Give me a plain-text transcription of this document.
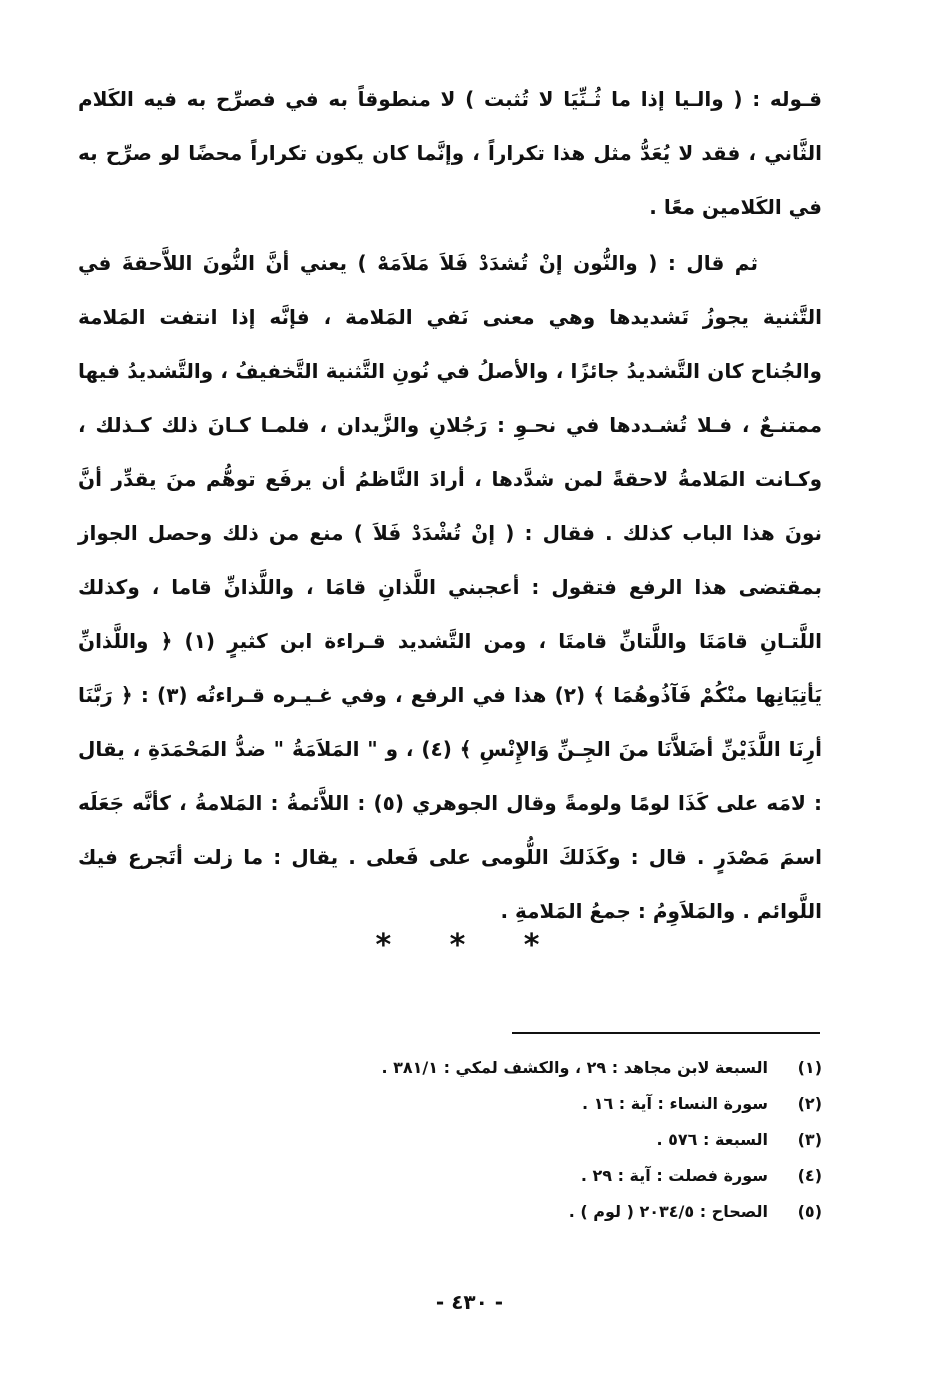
قـوله : ( والـيا إذا ما ثُـنِّيَا لا تُثبت ) لا منطوقاً به في فصرِّح به فيه الكَلام الثَّاني ، فقد لا يُعَدُّ مثل هذا تكراراً ، وإنَّما كان يكون تكراراً محضًا لو صرِّح به في الكَلامين معًا .

ثم قال : ( والنُّون إنْ تُشدَدْ فَلاَ مَلاَمَهْ ) يعني أنَّ النُّونَ اللاَّحقةَ في التَّثنية يجوزُ تَشديدها وهي معنى نَفي المَلامة ، فإنَّه إذا انتفت المَلامة والجُناح كان التَّشديدُ جائزًا ، والأصلُ في نُونِ التَّثنية التَّخفيفُ ، والتَّشديدُ فيها ممتنـعٌ ، فـلا تُشـددها في نحـوِ : رَجُلانِ والزَّيدان ، فلمـا كـانَ ذلك كـذلك ، وكـانت المَلامةُ لاحقةً لمن شدَّدها ، أرادَ النَّاظمُ أن يرفَع توهُّم منَ يقدِّر أنَّ نونَ هذا الباب كذلك . فقال : ( إنْ تُشْدَدْ فَلاَ ) منع من ذلك وحصل الجواز بمقتضى هذا الرفع فتقول : أعجبني اللَّذانِ قامَا ، واللَّذانِّ قاما ، وكذلك اللَّتـانِ قامَتَا واللَّتانِّ قامتَا ، ومن التَّشديد قـراءة ابن كثيرٍ (١) ﴿ واللَّذانِّ يَأتِيَانِها منْكُمْ فَآذُوهُمَا ﴾ (٢) هذا في الرفع ، وفي غـيـره قـراءتُه (٣) : ﴿ رَبَّنَا أرِنَا اللَّذَيْنِّ أضَلاَّنَا منَ الجِـنِّ وَالإِنْسِ ﴾ (٤) ، و " المَلاَمَةُ " ضدُّ المَحْمَدَةِ ، يقال : لامَه على كَذَا لومًا ولومةً وقال الجوهري (٥) : اللاَّئمةُ : المَلامةُ ، كأنَّه جَعَلَه اسمَ مَصْدَرٍ . قال : وكَذَلكَ اللُّومى على فَعلى . يقال : ما زلت أتَجرع فيك اللَّوائم . والمَلاَوِمُ : جمعُ المَلامةِ .

* * *
(١)
السبعة لابن مجاهد : ٢٩ ، والكشف لمكي : ٣٨١/١ .
(٢)
سورة النساء : آية : ١٦ .
(٣)
السبعة : ٥٧٦ .
(٤)
سورة فصلت : آية : ٢٩ .
(٥)
الصحاح : ٢٠٣٤/٥ ( لوم ) .
- ٤٣٠ -
